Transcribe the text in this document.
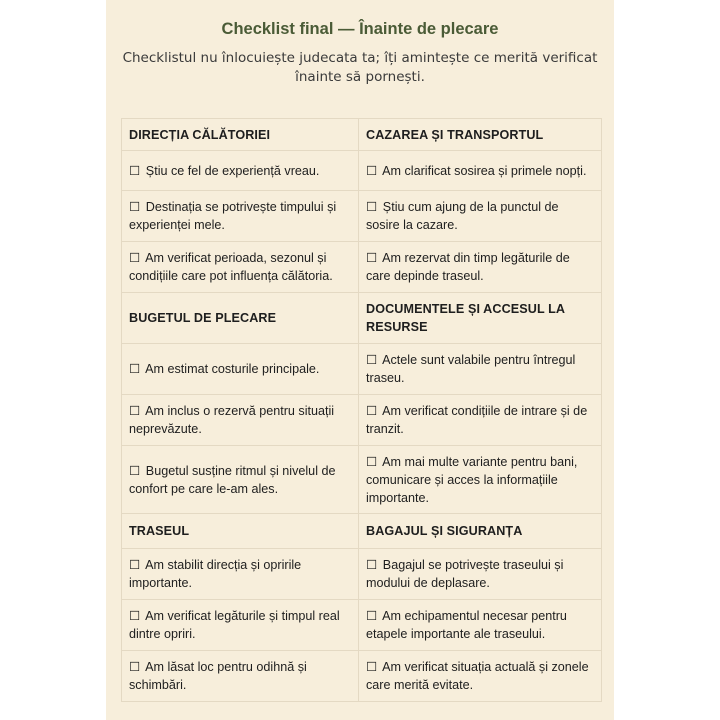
Checklist final — Înainte de plecare

Checklistul nu înlocuiește judecata ta; îți amintește ce merită verificat înainte să pornești.

DIRECȚIA CĂLĂTORIEI	CAZAREA ȘI TRANSPORTUL
☐ Știu ce fel de experiență vreau.	☐ Am clarificat sosirea și primele nopți.
☐ Destinația se potrivește timpului și experienței mele.	☐ Știu cum ajung de la punctul de sosire la cazare.
☐ Am verificat perioada, sezonul și condițiile care pot influența călătoria.	☐ Am rezervat din timp legăturile de care depinde traseul.
BUGETUL DE PLECARE	DOCUMENTELE ȘI ACCESUL LA RESURSE
☐ Am estimat costurile principale.	☐ Actele sunt valabile pentru întregul traseu.
☐ Am inclus o rezervă pentru situații neprevăzute.	☐ Am verificat condițiile de intrare și de tranzit.
☐ Bugetul susține ritmul și nivelul de confort pe care le-am ales.	☐ Am mai multe variante pentru bani, comunicare și acces la informațiile importante.
TRASEUL	BAGAJUL ȘI SIGURANȚA
☐ Am stabilit direcția și opririle importante.	☐ Bagajul se potrivește traseului și modului de deplasare.
☐ Am verificat legăturile și timpul real dintre opriri.	☐ Am echipamentul necesar pentru etapele importante ale traseului.
☐ Am lăsat loc pentru odihnă și schimbări.	☐ Am verificat situația actuală și zonele care merită evitate.
